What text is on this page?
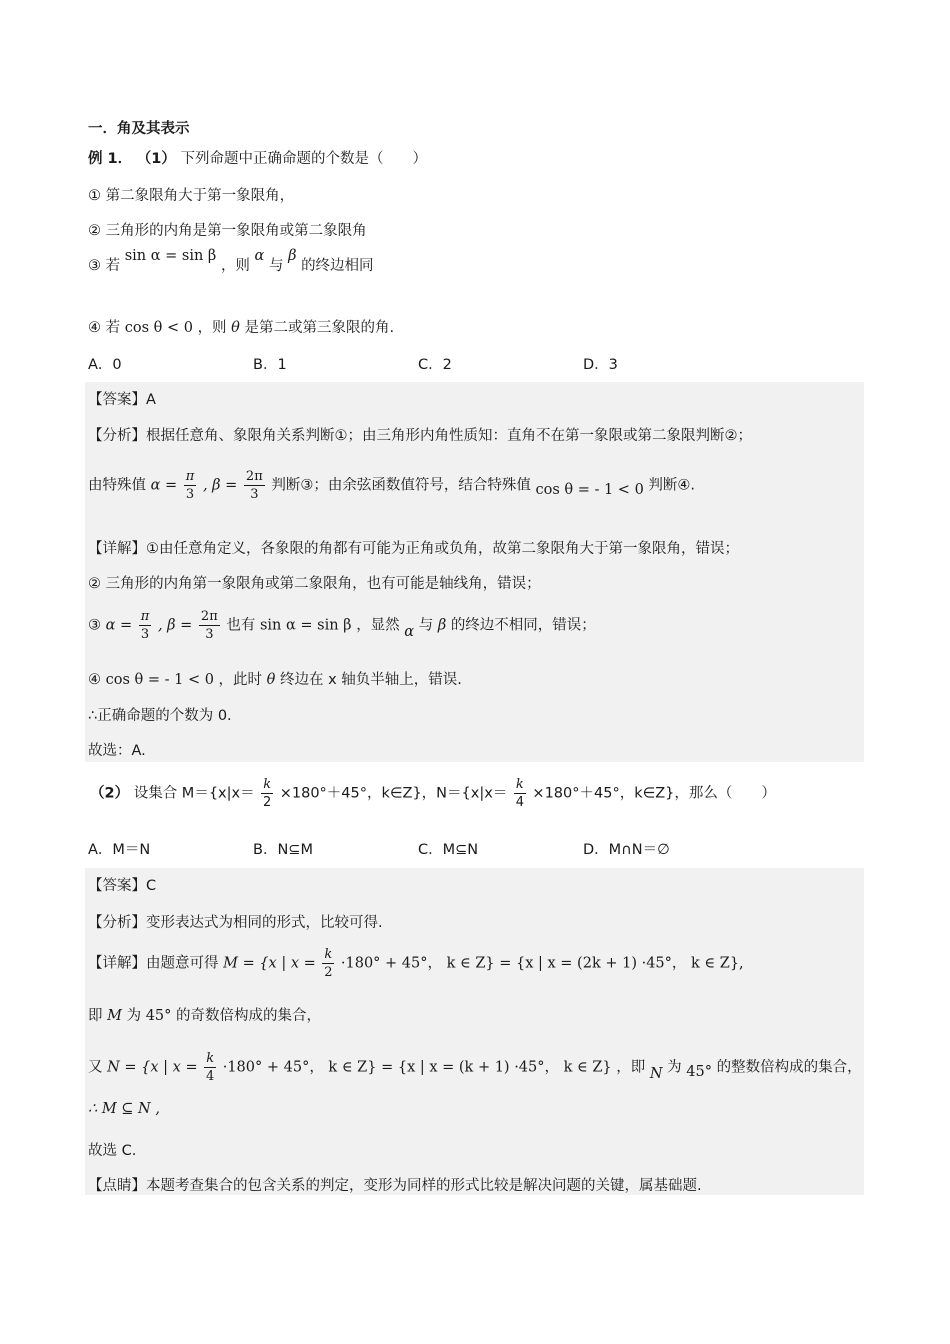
一．角及其表示
例 1． （1） 下列命题中正确命题的个数是（　　）
① 第二象限角大于第一象限角，
② 三角形的内角是第一象限角或第二象限角
③ 若 sin α = sin β ，则 α 与 β 的终边相同
④ 若 cos θ < 0 ，则 θ 是第二或第三象限的角.
A．0	B．1	C．2	D．3
【答案】A
【分析】根据任意角、象限角关系判断①；由三角形内角性质知：直角不在第一象限或第二象限判断②；
由特殊值 $\alpha = \frac{\pi}{3}$ , $\beta = \frac{2\pi}{3}$ 判断③；由余弦函数值符号，结合特殊值 cos θ = - 1 < 0 判断④.
【详解】①由任意角定义，各象限的角都有可能为正角或负角，故第二象限角大于第一象限角，错误；
② 三角形的内角第一象限角或第二象限角，也有可能是轴线角，错误；
③ $\alpha = \frac{\pi}{3}$ , $\beta = \frac{2\pi}{3}$ 也有 sin α = sin β ，显然 α 与 β 的终边不相同，错误；
④ cos θ = - 1 < 0 ，此时 θ 终边在 x 轴负半轴上，错误.
∴正确命题的个数为 0.
故选：A.
（2） 设集合 $M=\{x|x= \frac{k}{2} \times 180^\circ+45^\circ$，k∈Z}，$N=\{x|x= \frac{k}{4} \times 180^\circ+45^\circ$，k∈Z}，那么（　　）
A．M＝N	B．N⊆M	C．M⊆N	D．M∩N＝∅
【答案】C
【分析】变形表达式为相同的形式，比较可得.
【详解】由题意可得 M = {x | $x = \frac{k}{2} \cdot 180^\circ + 45^\circ$， k ∈ Z} = {x | x = (2k + 1) ·45°， k ∈ Z},
即 M 为 45° 的奇数倍构成的集合，
又 N = {x | $x = \frac{k}{4} \cdot 180^\circ + 45^\circ$， k ∈ Z} = {x | x = (k + 1) ·45°， k ∈ Z} ，即 N 为 45° 的整数倍构成的集合，
∴ M ⊆ N ,
故选 C.
【点睛】本题考查集合的包含关系的判定，变形为同样的形式比较是解决问题的关键，属基础题.
